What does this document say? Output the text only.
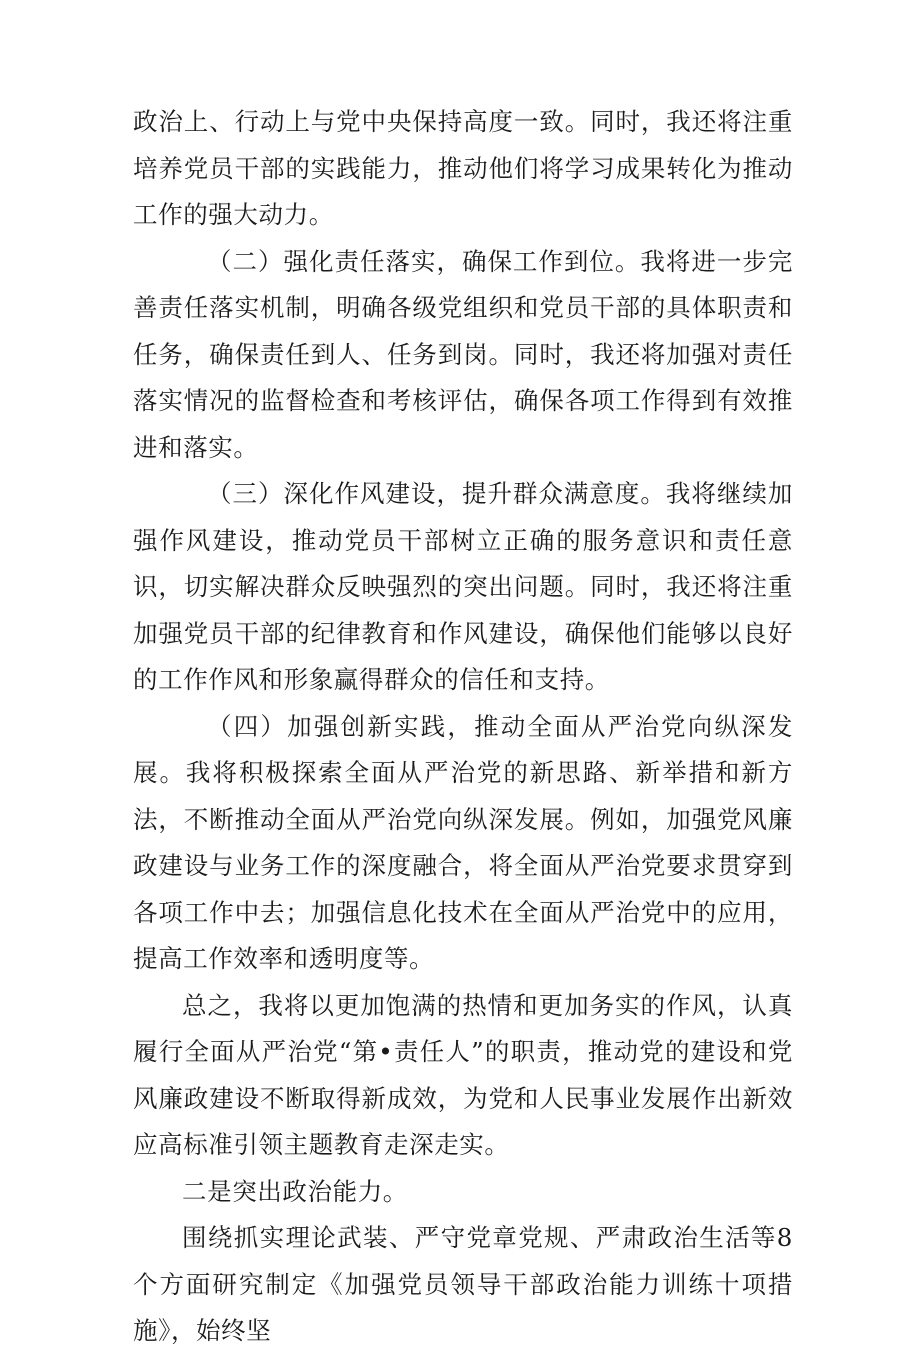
政治上、行动上与党中央保持高度一致。同时，我还将注重培养党员干部的实践能力，推动他们将学习成果转化为推动工作的强大动力。

（二）强化责任落实，确保工作到位。我将进一步完善责任落实机制，明确各级党组织和党员干部的具体职责和任务，确保责任到人、任务到岗。同时，我还将加强对责任落实情况的监督检查和考核评估，确保各项工作得到有效推进和落实。

（三）深化作风建设，提升群众满意度。我将继续加强作风建设，推动党员干部树立正确的服务意识和责任意识，切实解决群众反映强烈的突出问题。同时，我还将注重加强党员干部的纪律教育和作风建设，确保他们能够以良好的工作作风和形象赢得群众的信任和支持。

（四）加强创新实践，推动全面从严治党向纵深发展。我将积极探索全面从严治党的新思路、新举措和新方法，不断推动全面从严治党向纵深发展。例如，加强党风廉政建设与业务工作的深度融合，将全面从严治党要求贯穿到各项工作中去；加强信息化技术在全面从严治党中的应用，提高工作效率和透明度等。

总之，我将以更加饱满的热情和更加务实的作风，认真履行全面从严治党“第•责任人”的职责，推动党的建设和党风廉政建设不断取得新成效，为党和人民事业发展作出新效应高标准引领主题教育走深走实。

二是突出政治能力。

围绕抓实理论武装、严守党章党规、严肃政治生活等8个方面研究制定《加强党员领导干部政治能力训练十项措施》，始终坚
